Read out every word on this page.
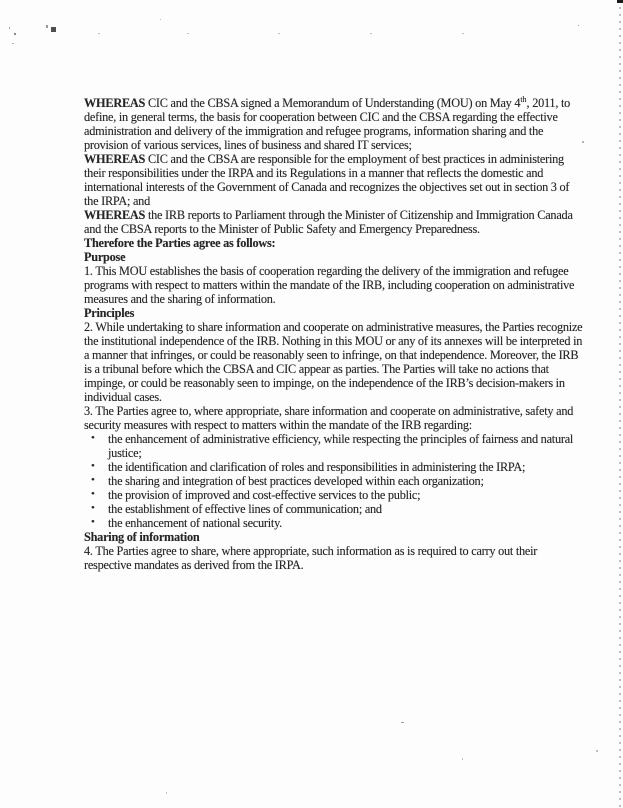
WHEREAS CIC and the CBSA signed a Memorandum of Understanding (MOU) on May 4th, 2011, to define, in general terms, the basis for cooperation between CIC and the CBSA regarding the effective administration and delivery of the immigration and refugee programs, information sharing and the provision of various services, lines of business and shared IT services;

WHEREAS CIC and the CBSA are responsible for the employment of best practices in administering their responsibilities under the IRPA and its Regulations in a manner that reflects the domestic and international interests of the Government of Canada and recognizes the objectives set out in section 3 of the IRPA; and

WHEREAS the IRB reports to Parliament through the Minister of Citizenship and Immigration Canada and the CBSA reports to the Minister of Public Safety and Emergency Preparedness.

Therefore the Parties agree as follows:

Purpose

1. This MOU establishes the basis of cooperation regarding the delivery of the immigration and refugee programs with respect to matters within the mandate of the IRB, including cooperation on administrative measures and the sharing of information.

Principles

2. While undertaking to share information and cooperate on administrative measures, the Parties recognize the institutional independence of the IRB. Nothing in this MOU or any of its annexes will be interpreted in a manner that infringes, or could be reasonably seen to infringe, on that independence. Moreover, the IRB is a tribunal before which the CBSA and CIC appear as parties. The Parties will take no actions that impinge, or could be reasonably seen to impinge, on the independence of the IRB’s decision-makers in individual cases.

3. The Parties agree to, where appropriate, share information and cooperate on administrative, safety and security measures with respect to matters within the mandate of the IRB regarding:

• the enhancement of administrative efficiency, while respecting the principles of fairness and natural justice;
• the identification and clarification of roles and responsibilities in administering the IRPA;
• the sharing and integration of best practices developed within each organization;
• the provision of improved and cost-effective services to the public;
• the establishment of effective lines of communication; and
• the enhancement of national security.
Sharing of information

4. The Parties agree to share, where appropriate, such information as is required to carry out their respective mandates as derived from the IRPA.
